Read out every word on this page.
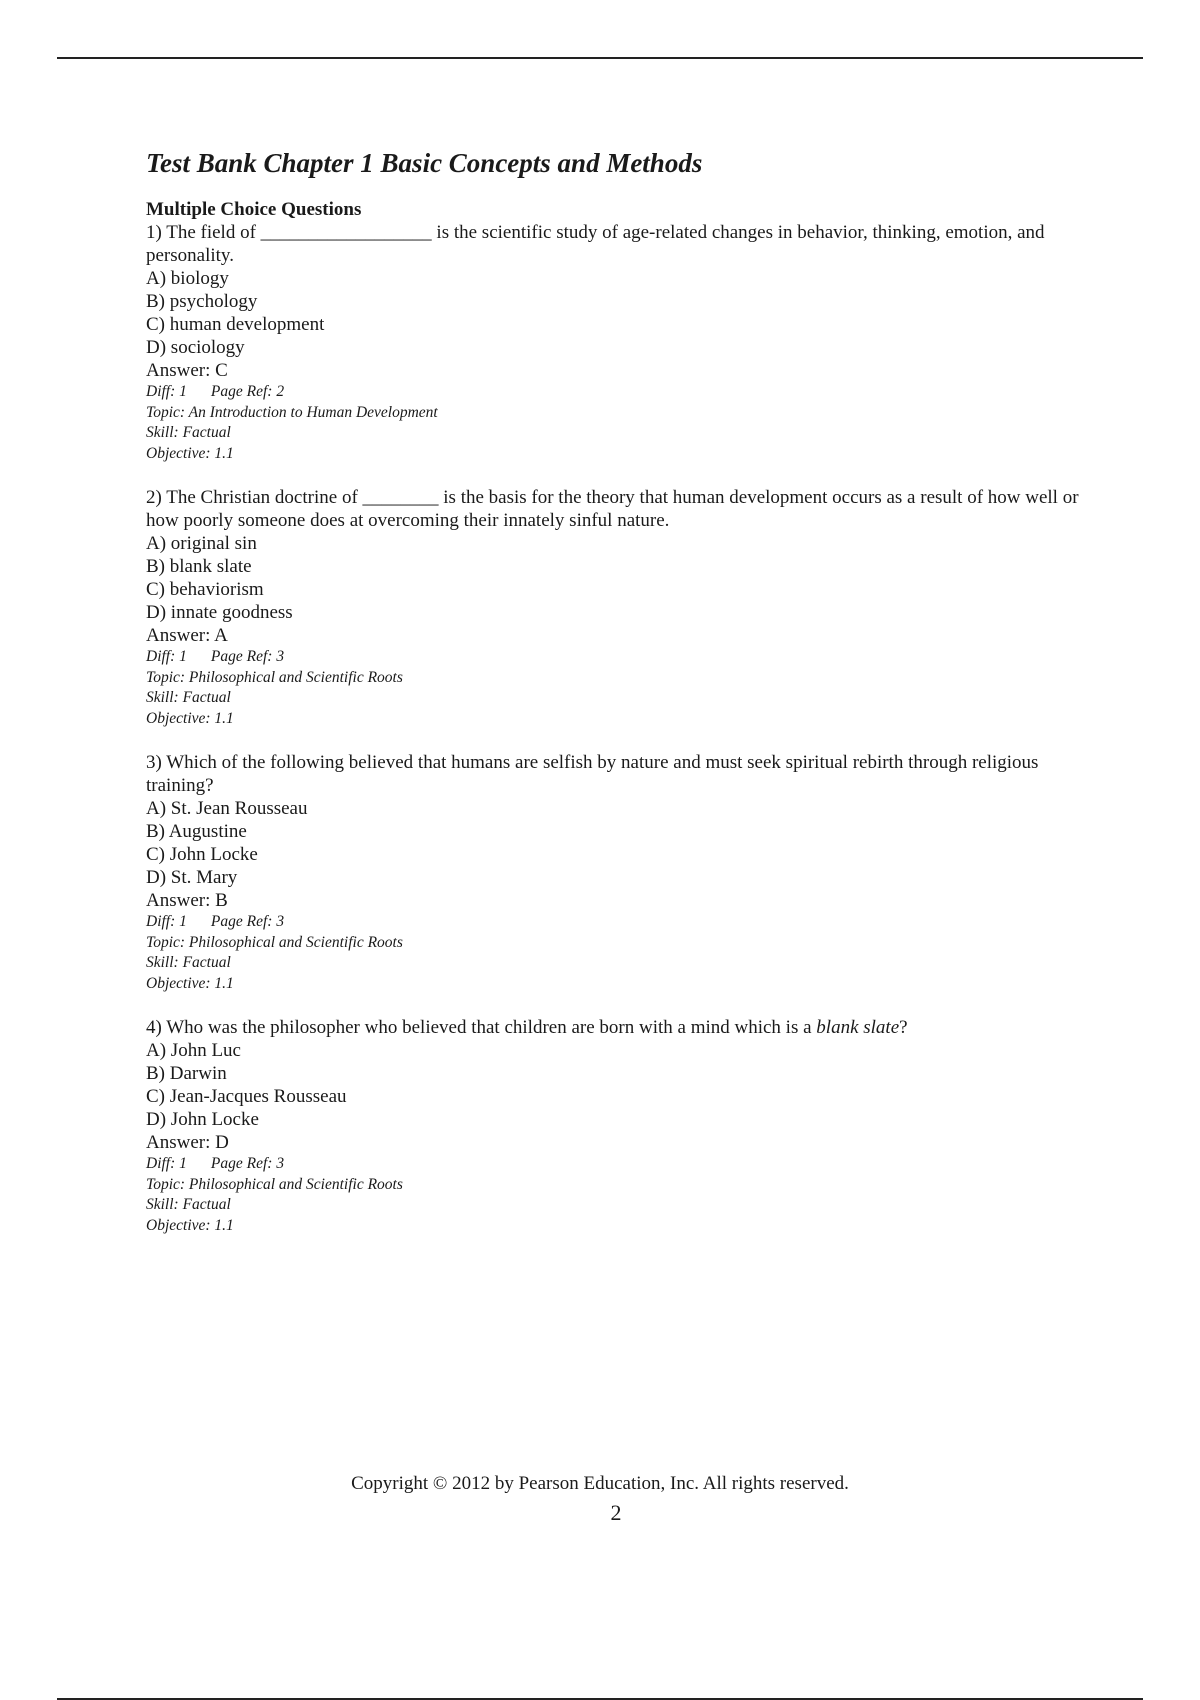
Test Bank Chapter 1 Basic Concepts and Methods

Multiple Choice Questions

1) The field of __________________ is the scientific study of age-related changes in behavior, thinking, emotion, and personality.

A) biology

B) psychology

C) human development

D) sociology

Answer: C

Diff: 1 Page Ref: 2

Topic: An Introduction to Human Development

Skill: Factual

Objective: 1.1

2) The Christian doctrine of ________ is the basis for the theory that human development occurs as a result of how well or how poorly someone does at overcoming their innately sinful nature.

A) original sin

B) blank slate

C) behaviorism

D) innate goodness

Answer: A

Diff: 1 Page Ref: 3

Topic: Philosophical and Scientific Roots

Skill: Factual

Objective: 1.1

3) Which of the following believed that humans are selfish by nature and must seek spiritual rebirth through religious training?

A) St. Jean Rousseau

B) Augustine

C) John Locke

D) St. Mary

Answer: B

Diff: 1 Page Ref: 3

Topic: Philosophical and Scientific Roots

Skill: Factual

Objective: 1.1

4) Who was the philosopher who believed that children are born with a mind which is a blank slate?

A) John Luc

B) Darwin

C) Jean-Jacques Rousseau

D) John Locke

Answer: D

Diff: 1 Page Ref: 3

Topic: Philosophical and Scientific Roots

Skill: Factual

Objective: 1.1

Copyright © 2012 by Pearson Education, Inc. All rights reserved.
2
